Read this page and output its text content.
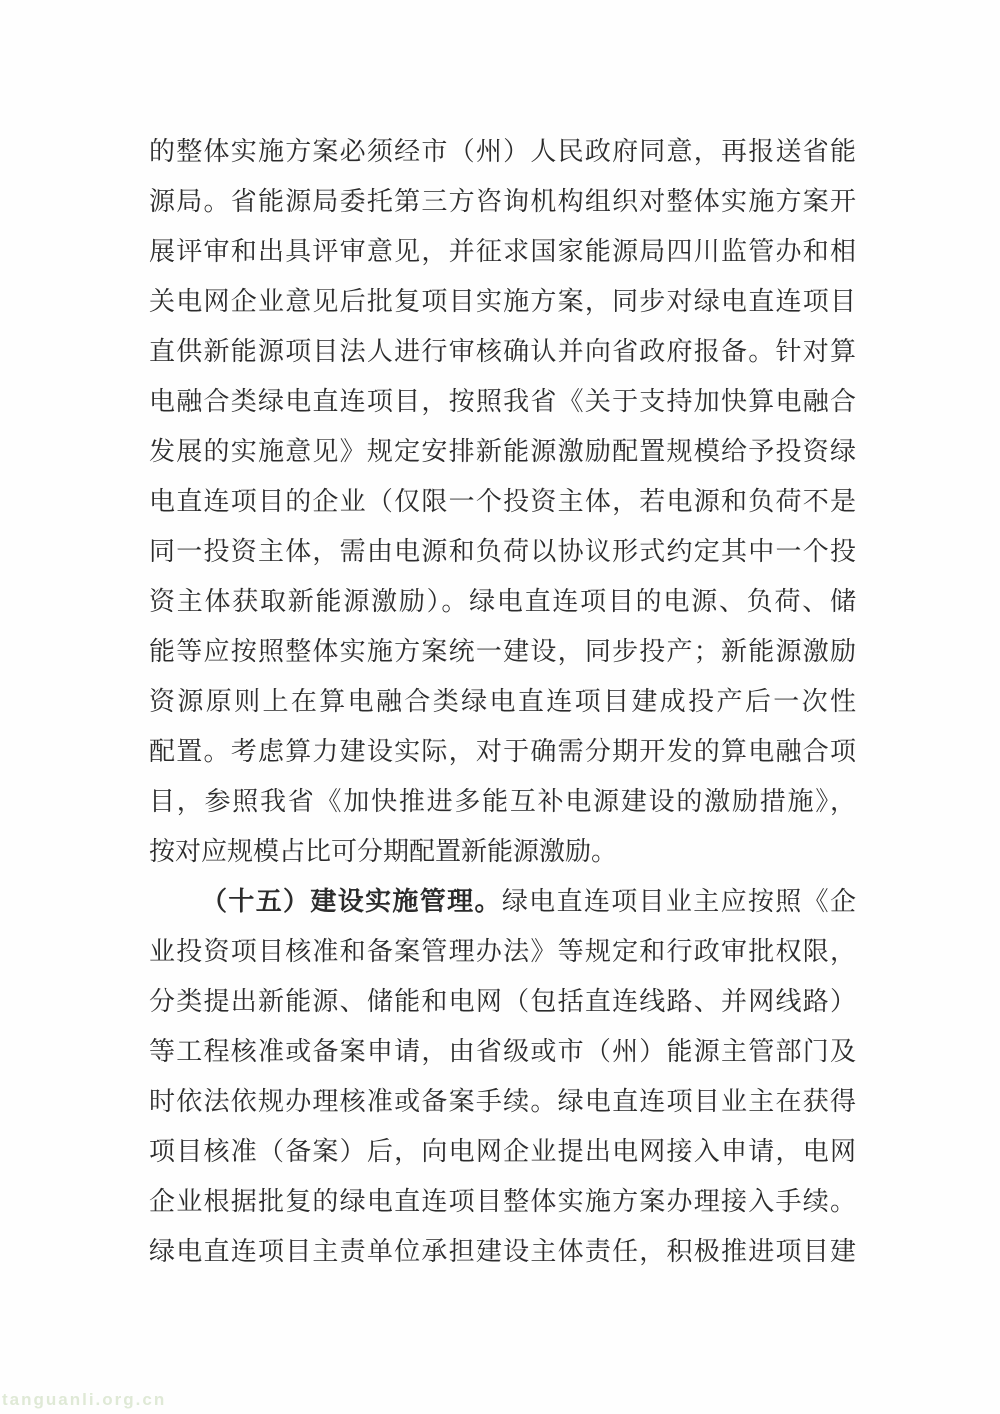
的整体实施方案必须经市（州）人民政府同意，再报送省能
源局。省能源局委托第三方咨询机构组织对整体实施方案开
展评审和出具评审意见，并征求国家能源局四川监管办和相
关电网企业意见后批复项目实施方案，同步对绿电直连项目
直供新能源项目法人进行审核确认并向省政府报备。针对算
电融合类绿电直连项目，按照我省《关于支持加快算电融合
发展的实施意见》规定安排新能源激励配置规模给予投资绿
电直连项目的企业（仅限一个投资主体，若电源和负荷不是
同一投资主体，需由电源和负荷以协议形式约定其中一个投
资主体获取新能源激励）。绿电直连项目的电源、负荷、储
能等应按照整体实施方案统一建设，同步投产；新能源激励
资源原则上在算电融合类绿电直连项目建成投产后一次性
配置。考虑算力建设实际，对于确需分期开发的算电融合项
目，参照我省《加快推进多能互补电源建设的激励措施》，
按对应规模占比可分期配置新能源激励。
（十五）建设实施管理。绿电直连项目业主应按照《企
业投资项目核准和备案管理办法》等规定和行政审批权限，
分类提出新能源、储能和电网（包括直连线路、并网线路）
等工程核准或备案申请，由省级或市（州）能源主管部门及
时依法依规办理核准或备案手续。绿电直连项目业主在获得
项目核准（备案）后，向电网企业提出电网接入申请，电网
企业根据批复的绿电直连项目整体实施方案办理接入手续。
绿电直连项目主责单位承担建设主体责任，积极推进项目建
tanguanli.org.cn
